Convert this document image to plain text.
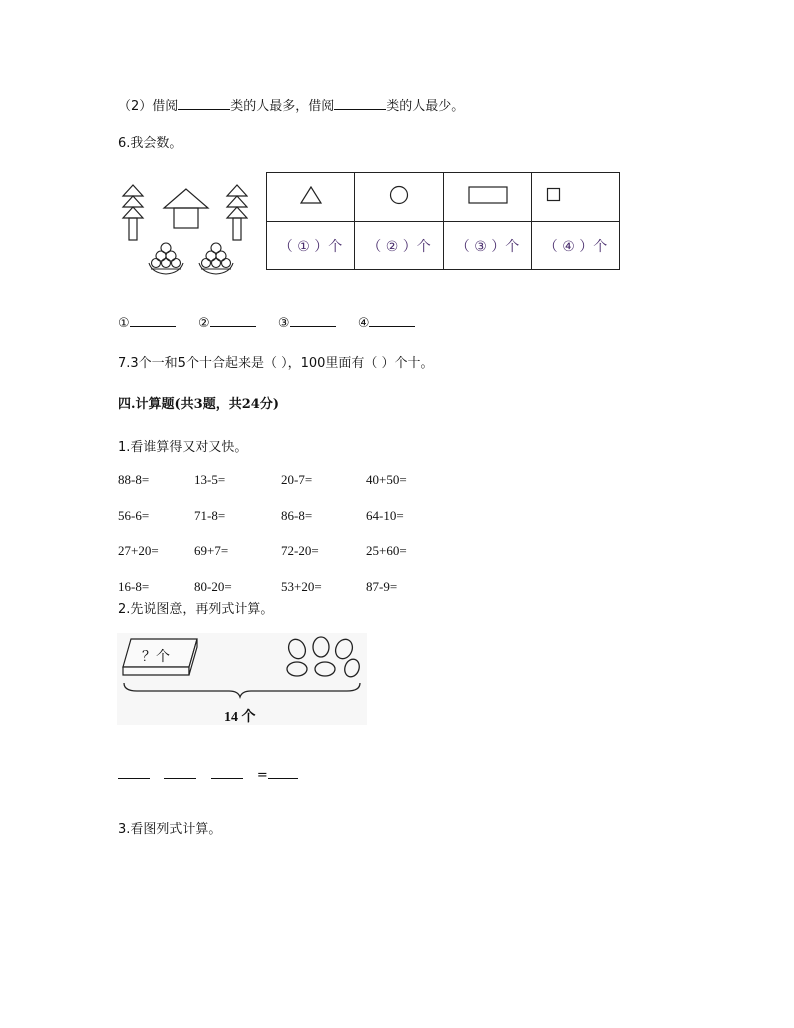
（2）借阅	类的人最多，借阅	类的人最少。
6.我会数。

（ ① ）个	（ ② ）个	（ ③ ）个	（ ④ ）个
①	②	③	④
7.3个一和5个十合起来是（ ），100里面有（ ）个十。
四.计算题(共3题，共24分)
1.看谁算得又对又快。
88-8=	13-5=	20-7=	40+50=
56-6=	71-8=	86-8=	64-10=
27+20=	69+7=	72-20=	25+60=
16-8=	80-20=	53+20=	87-9=
2.先说图意，再列式计算。
？个
14 个
=
3.看图列式计算。
